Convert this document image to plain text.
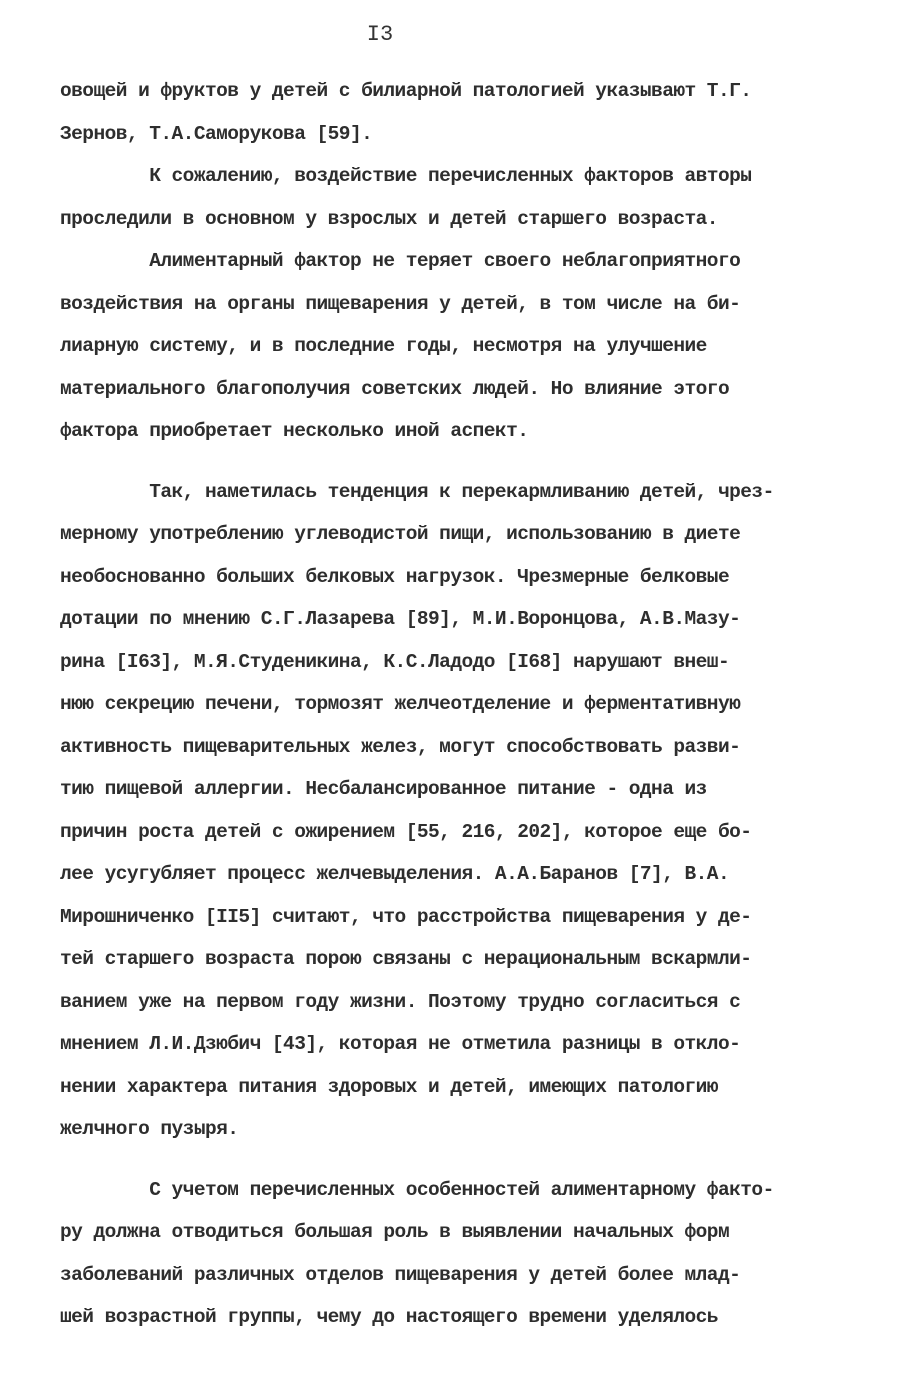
I3
овощей и фруктов у детей с билиарной патологией указывают Т.Г.
Зернов, Т.А.Саморукова [59].
К сожалению, воздействие перечисленных факторов авторы
проследили в основном у взрослых и детей старшего возраста.
Алиментарный фактор не теряет своего неблагоприятного
воздействия на органы пищеварения у детей, в том числе на би-
лиарную систему, и в последние годы, несмотря на улучшение
материального благополучия советских людей. Но влияние этого
фактора приобретает несколько иной аспект.
Так, наметилась тенденция к перекармливанию детей, чрез-
мерному употреблению углеводистой пищи, использованию в диете
необоснованно больших белковых нагрузок. Чрезмерные белковые
дотации по мнению С.Г.Лазарева [89], М.И.Воронцова, А.В.Мазу-
рина [I63], М.Я.Студеникина, К.С.Ладодо [I68] нарушают внеш-
нюю секрецию печени, тормозят желчеотделение и ферментативную
активность пищеварительных желез, могут способствовать разви-
тию пищевой аллергии. Несбалансированное питание - одна из
причин роста детей с ожирением [55, 216, 202], которое еще бо-
лее усугубляет процесс желчевыделения. А.А.Баранов [7], В.А.
Мирошниченко [II5] считают, что расстройства пищеварения у де-
тей старшего возраста порою связаны с нерациональным вскармли-
ванием уже на первом году жизни. Поэтому трудно согласиться с
мнением Л.И.Дзюбич [43], которая не отметила разницы в откло-
нении характера питания здоровых и детей, имеющих патологию
желчного пузыря.
С учетом перечисленных особенностей алиментарному факто-
ру должна отводиться большая роль в выявлении начальных форм
заболеваний различных отделов пищеварения у детей более млад-
шей возрастной группы, чему до настоящего времени уделялось
